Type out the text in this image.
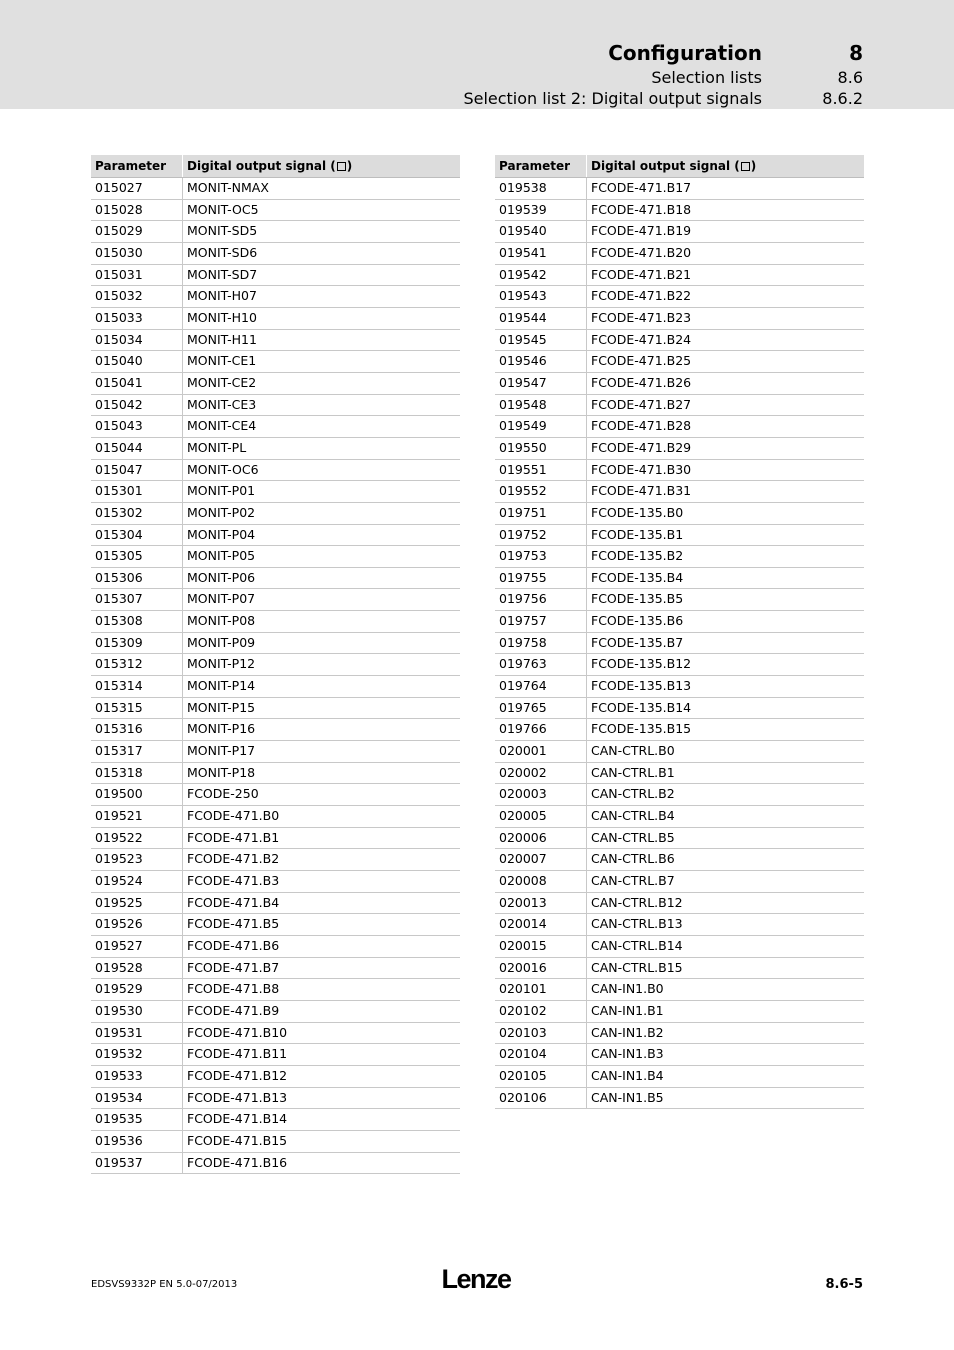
Configuration	8
Selection lists	8.6
Selection list 2: Digital output signals	8.6.2
Parameter	Digital output signal ( )
015027	MONIT-NMAX
015028	MONIT-OC5
015029	MONIT-SD5
015030	MONIT-SD6
015031	MONIT-SD7
015032	MONIT-H07
015033	MONIT-H10
015034	MONIT-H11
015040	MONIT-CE1
015041	MONIT-CE2
015042	MONIT-CE3
015043	MONIT-CE4
015044	MONIT-PL
015047	MONIT-OC6
015301	MONIT-P01
015302	MONIT-P02
015304	MONIT-P04
015305	MONIT-P05
015306	MONIT-P06
015307	MONIT-P07
015308	MONIT-P08
015309	MONIT-P09
015312	MONIT-P12
015314	MONIT-P14
015315	MONIT-P15
015316	MONIT-P16
015317	MONIT-P17
015318	MONIT-P18
019500	FCODE-250
019521	FCODE-471.B0
019522	FCODE-471.B1
019523	FCODE-471.B2
019524	FCODE-471.B3
019525	FCODE-471.B4
019526	FCODE-471.B5
019527	FCODE-471.B6
019528	FCODE-471.B7
019529	FCODE-471.B8
019530	FCODE-471.B9
019531	FCODE-471.B10
019532	FCODE-471.B11
019533	FCODE-471.B12
019534	FCODE-471.B13
019535	FCODE-471.B14
019536	FCODE-471.B15
019537	FCODE-471.B16
Parameter	Digital output signal ( )
019538	FCODE-471.B17
019539	FCODE-471.B18
019540	FCODE-471.B19
019541	FCODE-471.B20
019542	FCODE-471.B21
019543	FCODE-471.B22
019544	FCODE-471.B23
019545	FCODE-471.B24
019546	FCODE-471.B25
019547	FCODE-471.B26
019548	FCODE-471.B27
019549	FCODE-471.B28
019550	FCODE-471.B29
019551	FCODE-471.B30
019552	FCODE-471.B31
019751	FCODE-135.B0
019752	FCODE-135.B1
019753	FCODE-135.B2
019755	FCODE-135.B4
019756	FCODE-135.B5
019757	FCODE-135.B6
019758	FCODE-135.B7
019763	FCODE-135.B12
019764	FCODE-135.B13
019765	FCODE-135.B14
019766	FCODE-135.B15
020001	CAN-CTRL.B0
020002	CAN-CTRL.B1
020003	CAN-CTRL.B2
020005	CAN-CTRL.B4
020006	CAN-CTRL.B5
020007	CAN-CTRL.B6
020008	CAN-CTRL.B7
020013	CAN-CTRL.B12
020014	CAN-CTRL.B13
020015	CAN-CTRL.B14
020016	CAN-CTRL.B15
020101	CAN-IN1.B0
020102	CAN-IN1.B1
020103	CAN-IN1.B2
020104	CAN-IN1.B3
020105	CAN-IN1.B4
020106	CAN-IN1.B5
EDSVS9332P EN 5.0-07/2013	Lenze	8.6-5
